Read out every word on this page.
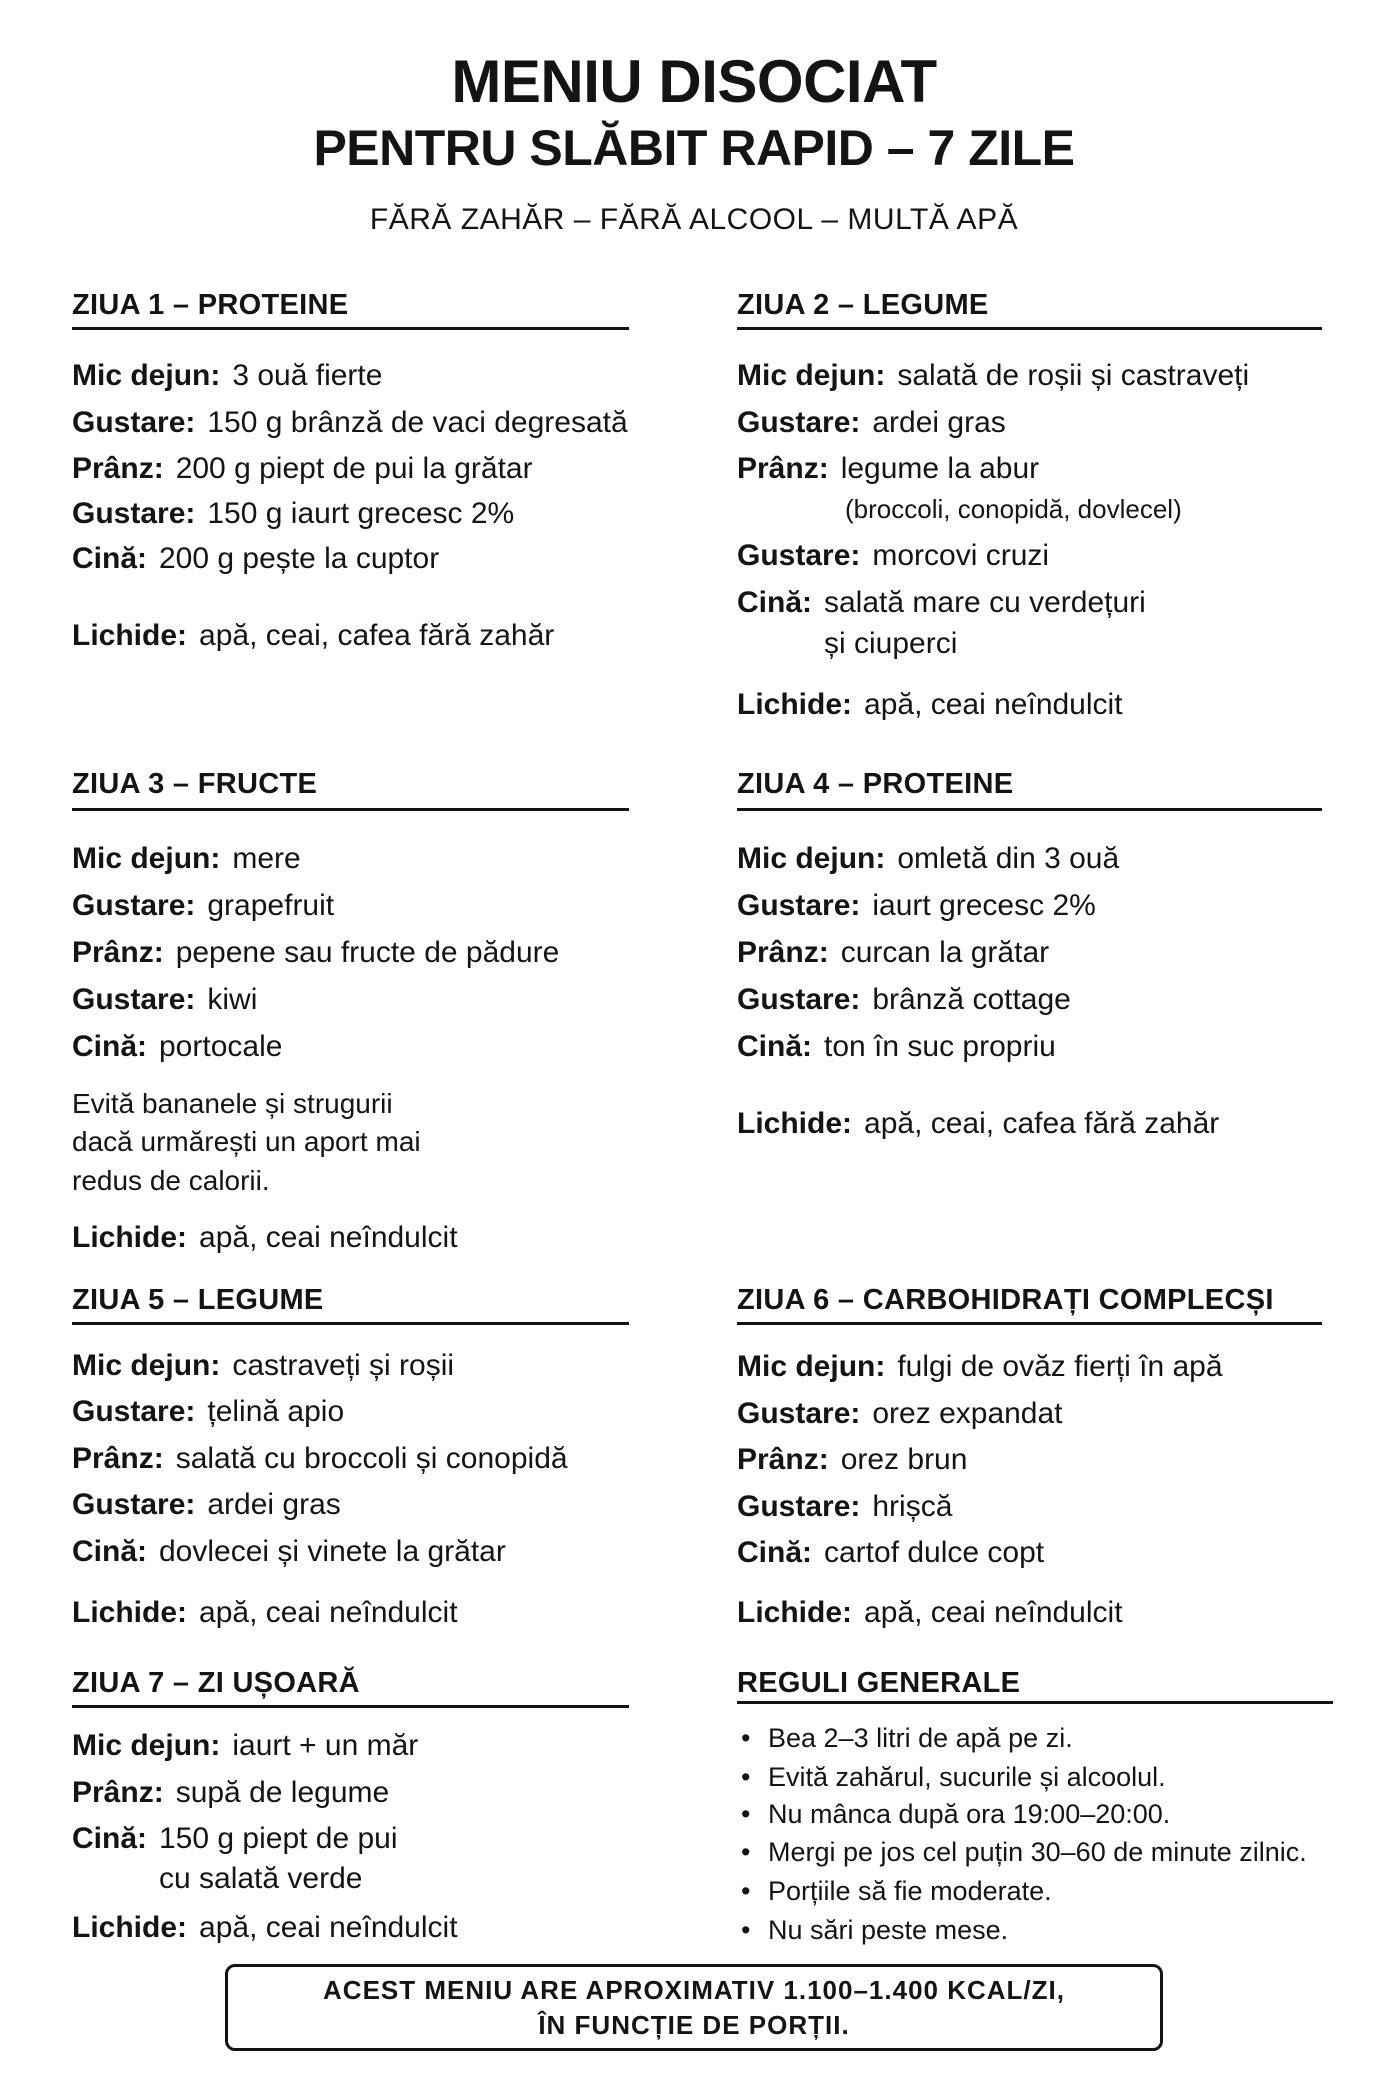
MENIU DISOCIAT
PENTRU SLĂBIT RAPID – 7 ZILE
FĂRĂ ZAHĂR – FĂRĂ ALCOOL – MULTĂ APĂ
ZIUA 1 – PROTEINE
Mic dejun: 3 ouă fierte
Gustare: 150 g brânză de vaci degresată
Prânz: 200 g piept de pui la grătar
Gustare: 150 g iaurt grecesc 2%
Cină: 200 g pește la cuptor
Lichide: apă, ceai, cafea fără zahăr
ZIUA 3 – FRUCTE
Mic dejun: mere
Gustare: grapefruit
Prânz: pepene sau fructe de pădure
Gustare: kiwi
Cină: portocale
Evită bananele și strugurii
dacă urmărești un aport mai
redus de calorii.
Lichide: apă, ceai neîndulcit
ZIUA 5 – LEGUME
Mic dejun: castraveți și roșii
Gustare: țelină apio
Prânz: salată cu broccoli și conopidă
Gustare: ardei gras
Cină: dovlecei și vinete la grătar
Lichide: apă, ceai neîndulcit
ZIUA 7 – ZI UȘOARĂ
Mic dejun: iaurt + un măr
Prânz: supă de legume
Cină: 150 g piept de pui
cu salată verde
Lichide: apă, ceai neîndulcit
ZIUA 2 – LEGUME
Mic dejun: salată de roșii și castraveți
Gustare: ardei gras
Prânz: legume la abur
(broccoli, conopidă, dovlecel)
Gustare: morcovi cruzi
Cină: salată mare cu verdețuri
și ciuperci
Lichide: apă, ceai neîndulcit
ZIUA 4 – PROTEINE
Mic dejun: omletă din 3 ouă
Gustare: iaurt grecesc 2%
Prânz: curcan la grătar
Gustare: brânză cottage
Cină: ton în suc propriu
Lichide: apă, ceai, cafea fără zahăr
ZIUA 6 – CARBOHIDRAȚI COMPLECȘI
Mic dejun: fulgi de ovăz fierți în apă
Gustare: orez expandat
Prânz: orez brun
Gustare: hrișcă
Cină: cartof dulce copt
Lichide: apă, ceai neîndulcit
REGULI GENERALE
• Bea 2–3 litri de apă pe zi.
• Evită zahărul, sucurile și alcoolul.
• Nu mânca după ora 19:00–20:00.
• Mergi pe jos cel puțin 30–60 de minute zilnic.
• Porțiile să fie moderate.
• Nu sări peste mese.
ACEST MENIU ARE APROXIMATIV 1.100–1.400 KCAL/ZI,
ÎN FUNCȚIE DE PORȚII.
